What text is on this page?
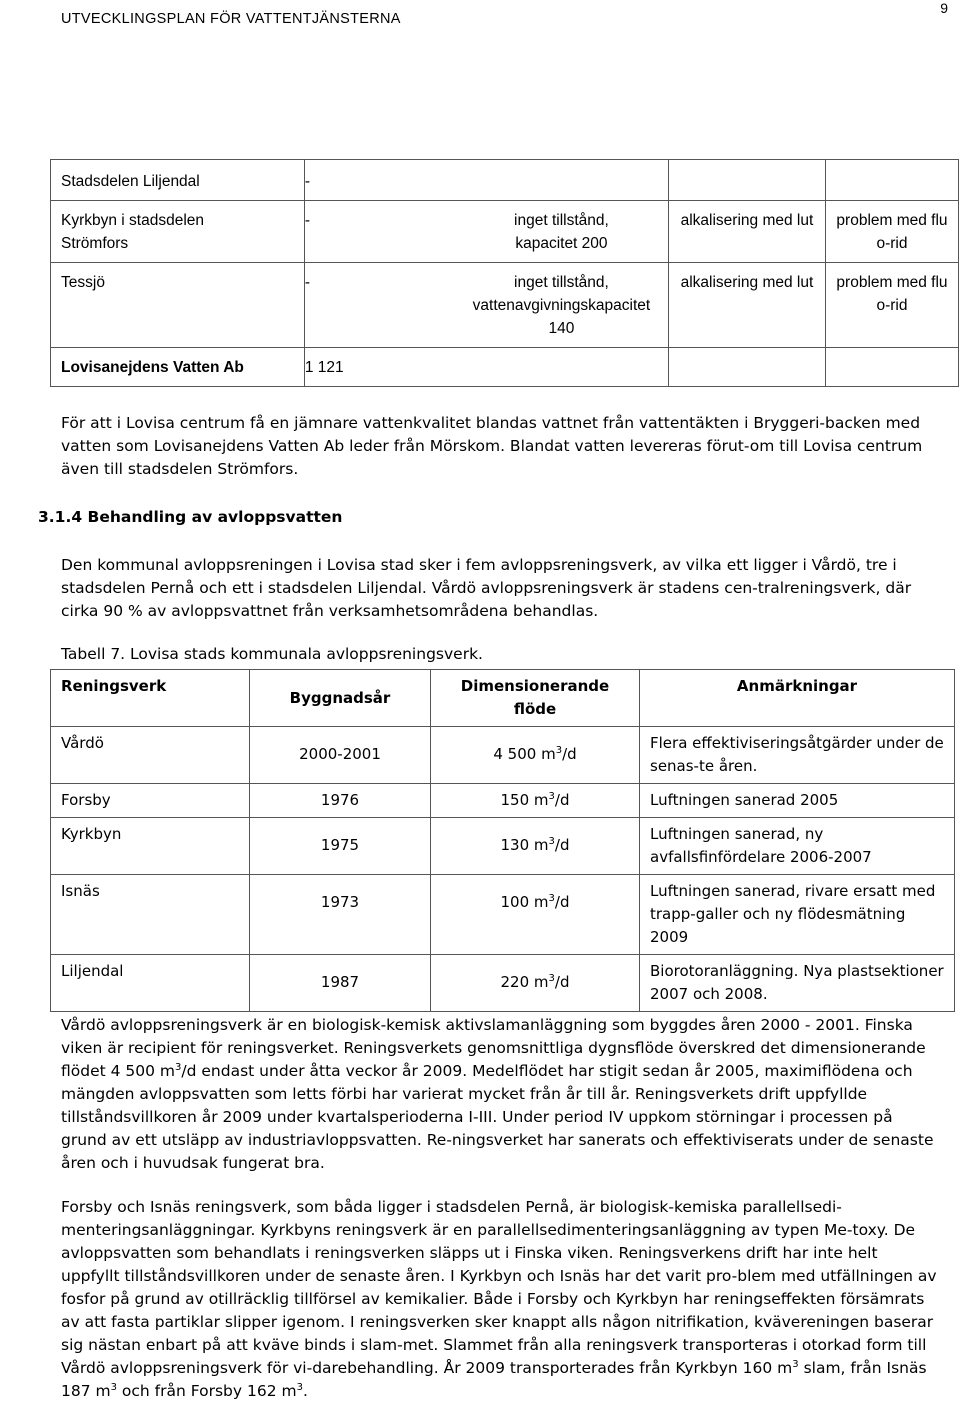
UTVECKLINGSPLAN FÖR VATTENTJÄNSTERNA
9
Stadsdelen Liljendal	-			
Kyrkbyn i stadsdelen Strömfors	-	inget tillstånd, kapacitet 200	alkalisering med lut	problem med fluo-rid
Tessjö	-	inget tillstånd, vattenavgivningskapacitet 140	alkalisering med lut	problem med fluo-rid
Lovisanejdens Vatten Ab	1 121			

För att i Lovisa centrum få en jämnare vattenkvalitet blandas vattnet från vattentäkten i Bryggeri-backen med vatten som Lovisanejdens Vatten Ab leder från Mörskom. Blandat vatten levereras förut-om till Lovisa centrum även till stadsdelen Strömfors.

3.1.4 Behandling av avloppsvatten

Den kommunal avloppsreningen i Lovisa stad sker i fem avloppsreningsverk, av vilka ett ligger i Vårdö, tre i stadsdelen Pernå och ett i stadsdelen Liljendal. Vårdö avloppsreningsverk är stadens cen-tralreningsverk, där cirka 90 % av avloppsvattnet från verksamhetsområdena behandlas.

Tabell 7. Lovisa stads kommunala avloppsreningsverk.

Reningsverk	Byggnadsår	Dimensionerande flöde	Anmärkningar
Vårdö	2000-2001	4 500 $m^3/d$	Flera effektiviseringsåtgärder under de senas-te åren.
Forsby	1976	150 $m^3/d$	Luftningen sanerad 2005
Kyrkbyn	1975	130 $m^3/d$	Luftningen sanerad, ny avfallsfinfördelare 2006-2007
Isnäs	1973	100 $m^3/d$	Luftningen sanerad, rivare ersatt med trapp-galler och ny flödesmätning 2009
Liljendal	1987	220 $m^3/d$	Biorotoranläggning. Nya plastsektioner 2007 och 2008.

Vårdö avloppsreningsverk är en biologisk-kemisk aktivslamanläggning som byggdes åren 2000 - 2001. Finska viken är recipient för reningsverket. Reningsverkets genomsnittliga dygnsflöde överskred det dimensionerande flödet 4 500 $m^3/d$ endast under åtta veckor år 2009. Medelflödet har stigit sedan år 2005, maximiflödena och mängden avloppsvatten som letts förbi har varierat mycket från år till år. Reningsverkets drift uppfyllde tillståndsvillkoren år 2009 under kvartalsperioderna I-III. Under period IV uppkom störningar i processen på grund av ett utsläpp av industriavloppsvatten. Re-ningsverket har sanerats och effektiviserats under de senaste åren och i huvudsak fungerat bra.

Forsby och Isnäs reningsverk, som båda ligger i stadsdelen Pernå, är biologisk-kemiska parallellsedi-menteringsanläggningar. Kyrkbyns reningsverk är en parallellsedimenteringsanläggning av typen Me-toxy. De avloppsvatten som behandlats i reningsverken släpps ut i Finska viken. Reningsverkens drift har inte helt uppfyllt tillståndsvillkoren under de senaste åren. I Kyrkbyn och Isnäs har det varit pro-blem med utfällningen av fosfor på grund av otillräcklig tillförsel av kemikalier. Både i Forsby och Kyrkbyn har reningseffekten försämrats av att fasta partiklar slipper igenom. I reningsverken sker knappt alls någon nitrifikation, kvävereningen baserar sig nästan enbart på att kväve binds i slam-met. Slammet från alla reningsverk transporteras i otorkad form till Vårdö avloppsreningsverk för vi-darebehandling. År 2009 transporterades från Kyrkbyn 160 $m^3$ slam, från Isnäs 187 $m^3$ och från Forsby 162 $m^3$.
